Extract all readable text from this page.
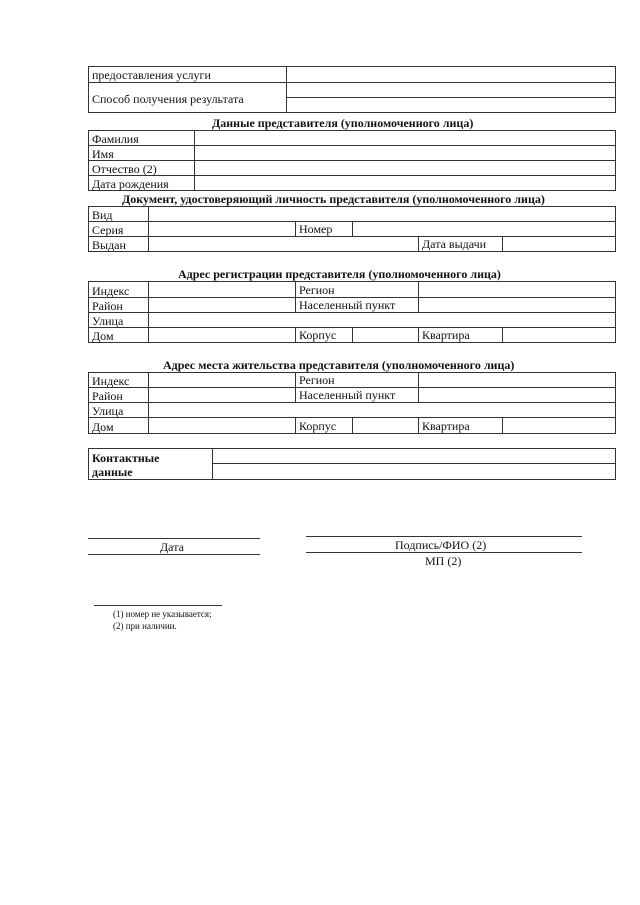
предоставления услуги
Способ получения результата
Данные представителя (уполномоченного лица)
Фамилия
Имя
Отчество (2)
Дата рождения
Документ, удостоверяющий личность представителя (уполномоченного лица)
Вид
Серия	Номер
Выдан	Дата выдачи
Адрес регистрации представителя (уполномоченного лица)
Индекс	Регион
Район	Населенный пункт
Улица
Дом	Корпус	Квартира
Адрес места жительства представителя (уполномоченного лица)
Индекс	Регион
Район	Населенный пункт
Улица
Дом	Корпус	Квартира
Контактные
данные
Дата	Подпись/ФИО (2)
МП (2)
(1) номер не указывается;
(2) при наличии.
